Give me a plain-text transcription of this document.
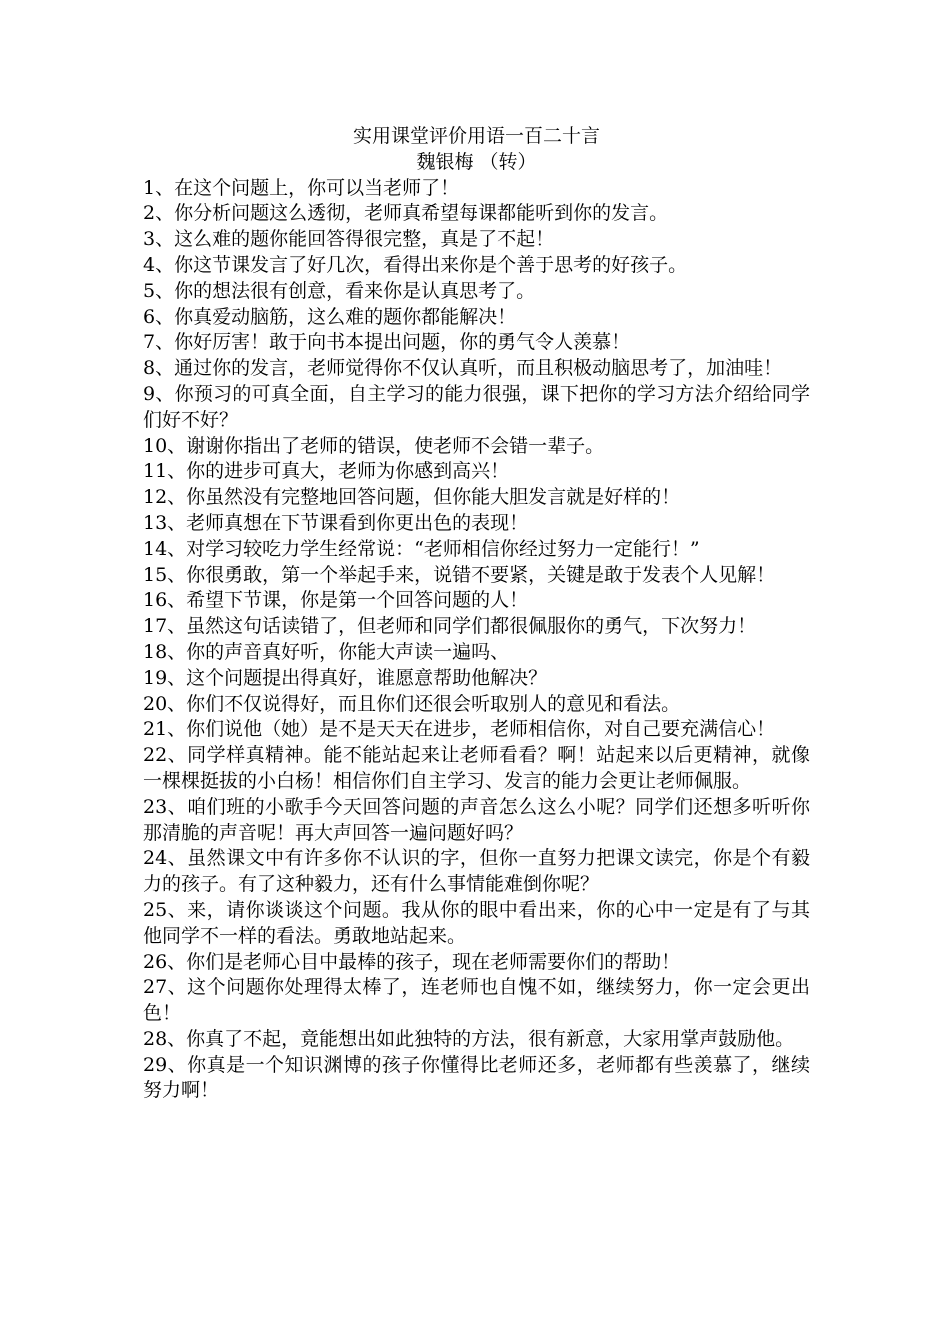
实用课堂评价用语一百二十言
魏银梅 （转）
1、在这个问题上，你可以当老师了！
2、你分析问题这么透彻，老师真希望每课都能听到你的发言。
3、这么难的题你能回答得很完整，真是了不起！
4、你这节课发言了好几次，看得出来你是个善于思考的好孩子。
5、你的想法很有创意，看来你是认真思考了。
6、你真爱动脑筋，这么难的题你都能解决！
7、你好厉害！敢于向书本提出问题，你的勇气令人羡慕！
8、通过你的发言，老师觉得你不仅认真听，而且积极动脑思考了，加油哇！
9、你预习的可真全面，自主学习的能力很强，课下把你的学习方法介绍给同学们好不好？
10、谢谢你指出了老师的错误，使老师不会错一辈子。
11、你的进步可真大，老师为你感到高兴！
12、你虽然没有完整地回答问题，但你能大胆发言就是好样的！
13、老师真想在下节课看到你更出色的表现！
14、对学习较吃力学生经常说：“老师相信你经过努力一定能行！”
15、你很勇敢，第一个举起手来，说错不要紧，关键是敢于发表个人见解！
16、希望下节课，你是第一个回答问题的人！
17、虽然这句话读错了，但老师和同学们都很佩服你的勇气，下次努力！
18、你的声音真好听，你能大声读一遍吗、
19、这个问题提出得真好，谁愿意帮助他解决？
20、你们不仅说得好，而且你们还很会听取别人的意见和看法。
21、你们说他（她）是不是天天在进步，老师相信你，对自己要充满信心！
22、同学样真精神。能不能站起来让老师看看？啊！站起来以后更精神，就像一棵棵挺拔的小白杨！相信你们自主学习、发言的能力会更让老师佩服。
23、咱们班的小歌手今天回答问题的声音怎么这么小呢？同学们还想多听听你那清脆的声音呢！再大声回答一遍问题好吗？
24、虽然课文中有许多你不认识的字，但你一直努力把课文读完，你是个有毅力的孩子。有了这种毅力，还有什么事情能难倒你呢？
25、来，请你谈谈这个问题。我从你的眼中看出来，你的心中一定是有了与其他同学不一样的看法。勇敢地站起来。
26、你们是老师心目中最棒的孩子，现在老师需要你们的帮助！
27、这个问题你处理得太棒了，连老师也自愧不如，继续努力，你一定会更出色！
28、你真了不起，竟能想出如此独特的方法，很有新意，大家用掌声鼓励他。
29、你真是一个知识渊博的孩子你懂得比老师还多，老师都有些羡慕了，继续努力啊！
